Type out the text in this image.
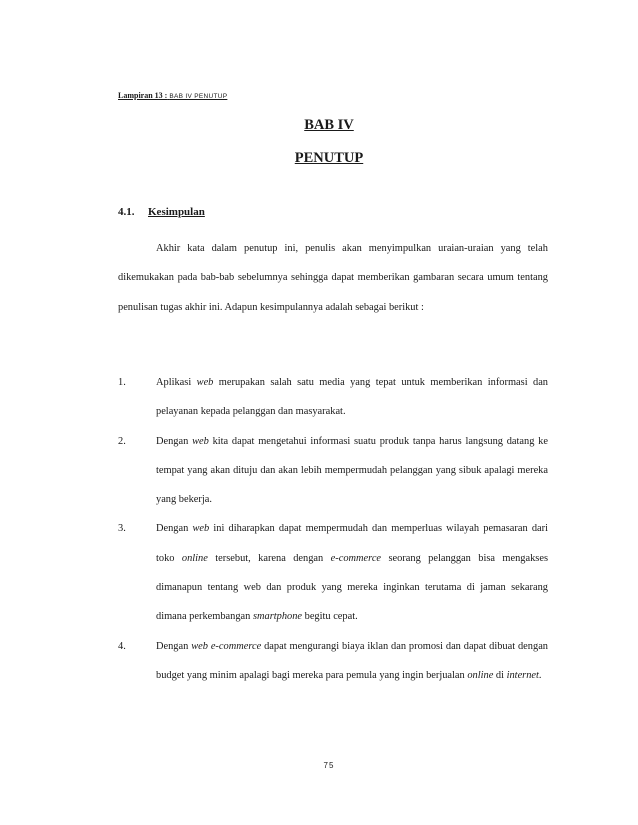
Lampiran 13 : BAB IV PENUTUP
BAB IV
PENUTUP
4.1. Kesimpulan

Akhir kata dalam penutup ini, penulis akan menyimpulkan uraian-uraian yang telah dikemukakan pada bab-bab sebelumnya sehingga dapat memberikan gambaran secara umum tentang penulisan tugas akhir ini. Adapun kesimpulannya adalah sebagai berikut :

1.	Aplikasi web merupakan salah satu media yang tepat untuk memberikan informasi dan pelayanan kepada pelanggan dan masyarakat.
2.	Dengan web kita dapat mengetahui informasi suatu produk tanpa harus langsung datang ke tempat yang akan dituju dan akan lebih mempermudah pelanggan yang sibuk apalagi mereka yang bekerja.
3.	Dengan web ini diharapkan dapat mempermudah dan memperluas wilayah pemasaran dari toko online tersebut, karena dengan e-commerce seorang pelanggan bisa mengakses dimanapun tentang web dan produk yang mereka inginkan terutama di jaman sekarang dimana perkembangan smartphone begitu cepat.
4.	Dengan web e-commerce dapat mengurangi biaya iklan dan promosi dan dapat dibuat dengan budget yang minim apalagi bagi mereka para pemula yang ingin berjualan online di internet.
75
